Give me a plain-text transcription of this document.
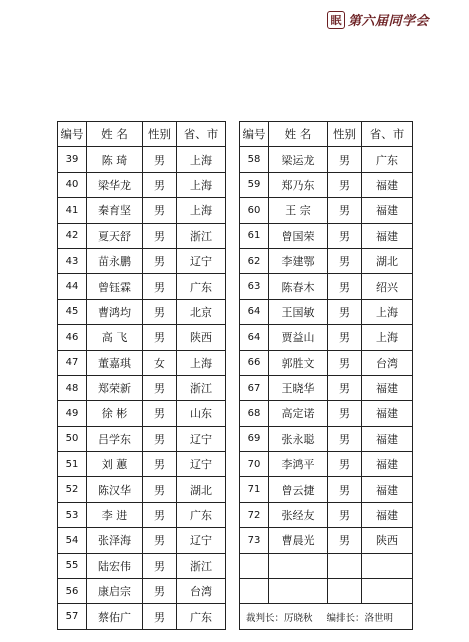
眠 第六届同学会
编号	姓 名	性别	省、市
39	陈 琦	男	上海
40	梁华龙	男	上海
41	秦育坚	男	上海
42	夏天舒	男	浙江
43	苗永鹏	男	辽宁
44	曾钰霖	男	广东
45	曹鸿均	男	北京
46	高 飞	男	陕西
47	董嘉琪	女	上海
48	郑荣新	男	浙江
49	徐 彬	男	山东
50	吕学东	男	辽宁
51	刘 蕙	男	辽宁
52	陈汉华	男	湖北
53	李 进	男	广东
54	张泽海	男	辽宁
55	陆宏伟	男	浙江
56	康启宗	男	台湾
57	蔡佑广	男	广东
编号	姓 名	性别	省、市
58	梁运龙	男	广东
59	郑乃东	男	福建
60	王 宗	男	福建
61	曾国荣	男	福建
62	李建鄂	男	湖北
63	陈春木	男	绍兴
64	王国敏	男	上海
64	贾益山	男	上海
66	郭胜文	男	台湾
67	王晓华	男	福建
68	高定诺	男	福建
69	张永聪	男	福建
70	李鸿平	男	福建
71	曾云捷	男	福建
72	张经友	男	福建
73	曹晨光	男	陕西

裁判长：厉晓秋 编排长：洛世明			
